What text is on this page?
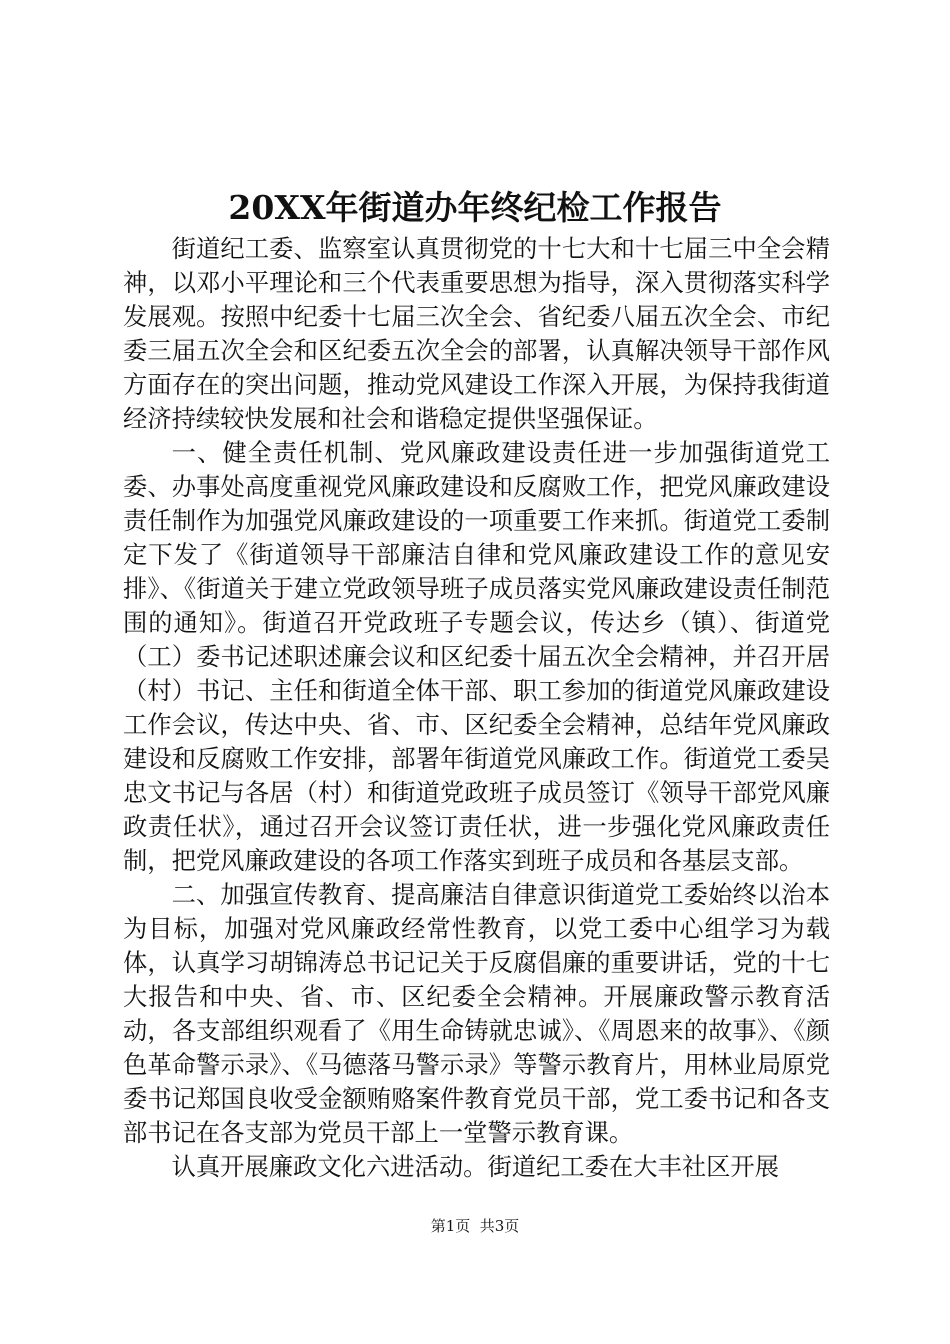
20XX年街道办年终纪检工作报告

街道纪工委、监察室认真贯彻党的十七大和十七届三中全会精神，以邓小平理论和三个代表重要思想为指导，深入贯彻落实科学发展观。按照中纪委十七届三次全会、省纪委八届五次全会、市纪委三届五次全会和区纪委五次全会的部署，认真解决领导干部作风方面存在的突出问题，推动党风建设工作深入开展，为保持我街道经济持续较快发展和社会和谐稳定提供坚强保证。

一、健全责任机制、党风廉政建设责任进一步加强街道党工委、办事处高度重视党风廉政建设和反腐败工作，把党风廉政建设责任制作为加强党风廉政建设的一项重要工作来抓。街道党工委制定下发了《街道领导干部廉洁自律和党风廉政建设工作的意见安排》、《街道关于建立党政领导班子成员落实党风廉政建设责任制范围的通知》。街道召开党政班子专题会议，传达乡（镇）、街道党（工）委书记述职述廉会议和区纪委十届五次全会精神，并召开居（村）书记、主任和街道全体干部、职工参加的街道党风廉政建设工作会议，传达中央、省、市、区纪委全会精神，总结年党风廉政建设和反腐败工作安排，部署年街道党风廉政工作。街道党工委吴忠文书记与各居（村）和街道党政班子成员签订《领导干部党风廉政责任状》，通过召开会议签订责任状，进一步强化党风廉政责任制，把党风廉政建设的各项工作落实到班子成员和各基层支部。

二、加强宣传教育、提高廉洁自律意识街道党工委始终以治本为目标，加强对党风廉政经常性教育，以党工委中心组学习为载体，认真学习胡锦涛总书记记关于反腐倡廉的重要讲话，党的十七大报告和中央、省、市、区纪委全会精神。开展廉政警示教育活动，各支部组织观看了《用生命铸就忠诚》、《周恩来的故事》、《颜色革命警示录》、《马德落马警示录》等警示教育片，用林业局原党委书记郑国良收受金额贿赂案件教育党员干部，党工委书记和各支部书记在各支部为党员干部上一堂警示教育课。

认真开展廉政文化六进活动。街道纪工委在大丰社区开展

第1页  共3页
